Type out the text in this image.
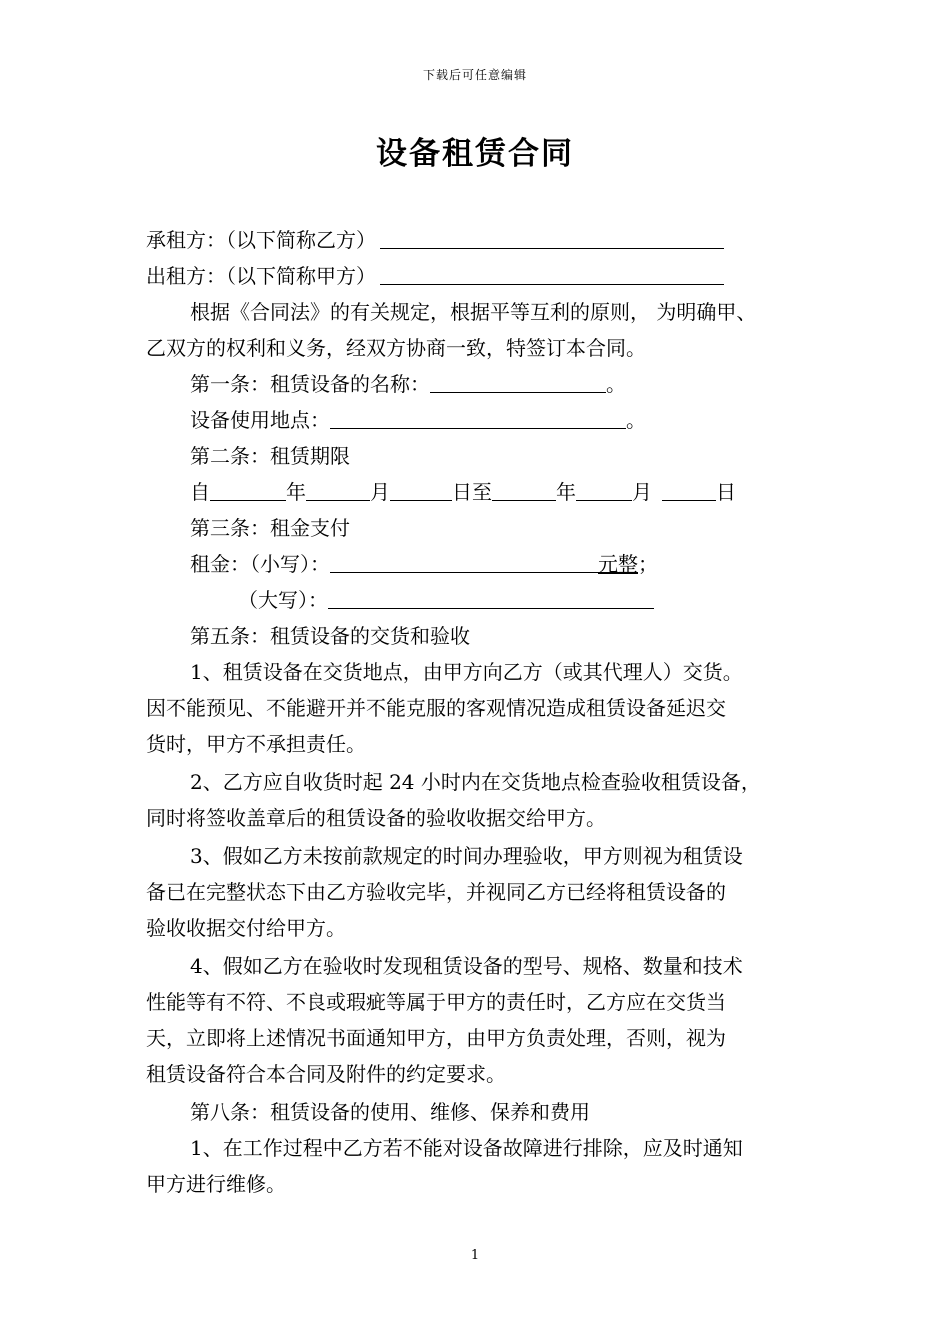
下载后可任意编辑
设备租赁合同
承租方：（以下简称乙方）
出租方：（以下简称甲方）
根据《合同法》的有关规定，根据平等互利的原则， 为明确甲、
乙双方的权利和义务，经双方协商一致，特签订本合同。
第一条：租赁设备的名称：	。
设备使用地点：	。
第二条：租赁期限
自	年	月	日至	年	月	日
第三条：租金支付
租金：（小写）：	元整；
（大写）：
第五条：租赁设备的交货和验收
1、租赁设备在交货地点，由甲方向乙方（或其代理人）交货。
因不能预见、不能避开并不能克服的客观情况造成租赁设备延迟交
货时，甲方不承担责任。
2、乙方应自收货时起 24 小时内在交货地点检查验收租赁设备，
同时将签收盖章后的租赁设备的验收收据交给甲方。
3、假如乙方未按前款规定的时间办理验收，甲方则视为租赁设
备已在完整状态下由乙方验收完毕，并视同乙方已经将租赁设备的
验收收据交付给甲方。
4、假如乙方在验收时发现租赁设备的型号、规格、数量和技术
性能等有不符、不良或瑕疵等属于甲方的责任时，乙方应在交货当
天，立即将上述情况书面通知甲方，由甲方负责处理，否则，视为
租赁设备符合本合同及附件的约定要求。
第八条：租赁设备的使用、维修、保养和费用
1、在工作过程中乙方若不能对设备故障进行排除，应及时通知
甲方进行维修。
1
